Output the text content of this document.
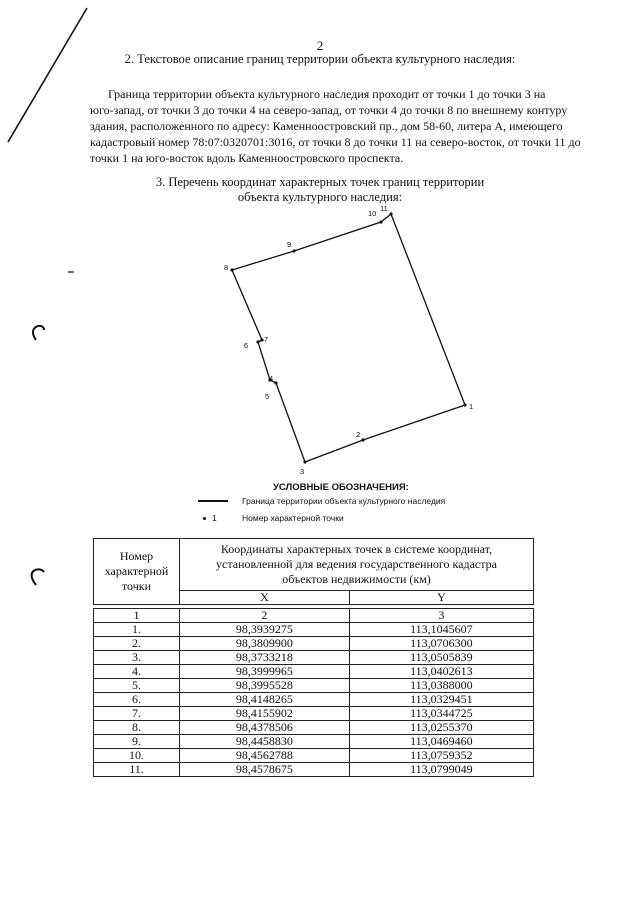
2
2. Текстовое описание границ территории объекта культурного наследия:
Граница территории объекта культурного наследия проходит от точки 1 до точки 3 на
юго-запад, от точки 3 до точки 4 на северо-запад, от точки 4 до точки 8 по внешнему контуру
здания, расположенного по адресу: Каменноостровский пр., дом 58-60, литера А, имеющего
кадастровый номер 78:07:0320701:3016, от точки 8 до точки 11 на северо-восток, от точки 11 до
точки 1 на юго-восток вдоль Каменноостровского проспекта.
3. Перечень координат характерных точек границ территории
объекта культурного наследия:
1
2
3
4
5
6
7
8
9
10
11
УСЛОВНЫЕ ОБОЗНАЧЕНИЯ:
Граница территории объекта культурного наследия
1	Номер характерной точки
Номер
характерной
точки	Координаты характерных точек в системе координат, установленной для ведения государственного кадастра объектов недвижимости (км)	
	X	Y

1	2	3
1.	98,3939275	113,1045607
2.	98,3809900	113,0706300
3.	98,3733218	113,0505839
4.	98,3999965	113,0402613
5.	98,3995528	113,0388000
6.	98,4148265	113,0329451
7.	98,4155902	113,0344725
8.	98,4378506	113,0255370
9.	98,4458830	113,0469460
10.	98,4562788	113,0759352
11.	98,4578675	113,0799049
